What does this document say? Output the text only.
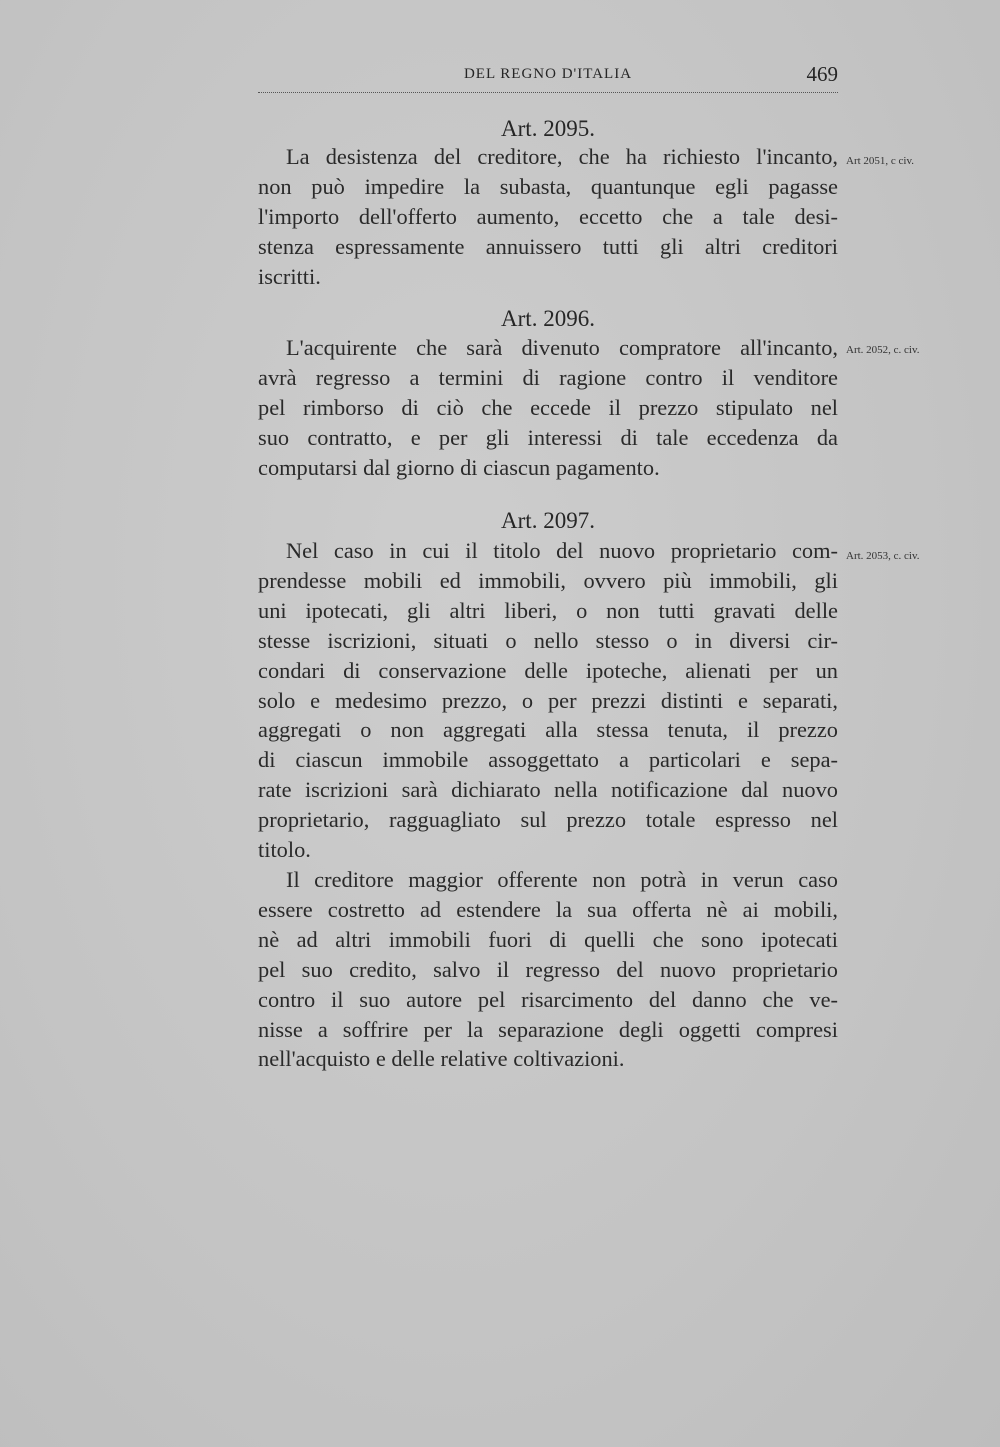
DEL REGNO D'ITALIA	469
Art. 2095.
Art 2051, c civ.
La desistenza del creditore, che ha richiesto l'incanto,
non può impedire la subasta, quantunque egli pagasse
l'importo dell'offerto aumento, eccetto che a tale desi-
stenza espressamente annuissero tutti gli altri creditori
iscritti.
Art. 2096.
Art. 2052, c. civ.
L'acquirente che sarà divenuto compratore all'incanto,
avrà regresso a termini di ragione contro il venditore
pel rimborso di ciò che eccede il prezzo stipulato nel
suo contratto, e per gli interessi di tale eccedenza da
computarsi dal giorno di ciascun pagamento.
Art. 2097.
Art. 2053, c. civ.
Nel caso in cui il titolo del nuovo proprietario com-
prendesse mobili ed immobili, ovvero più immobili, gli
uni ipotecati, gli altri liberi, o non tutti gravati delle
stesse iscrizioni, situati o nello stesso o in diversi cir-
condari di conservazione delle ipoteche, alienati per un
solo e medesimo prezzo, o per prezzi distinti e separati,
aggregati o non aggregati alla stessa tenuta, il prezzo
di ciascun immobile assoggettato a particolari e sepa-
rate iscrizioni sarà dichiarato nella notificazione dal nuovo
proprietario, ragguagliato sul prezzo totale espresso nel
titolo.
Il creditore maggior offerente non potrà in verun caso
essere costretto ad estendere la sua offerta nè ai mobili,
nè ad altri immobili fuori di quelli che sono ipotecati
pel suo credito, salvo il regresso del nuovo proprietario
contro il suo autore pel risarcimento del danno che ve-
nisse a soffrire per la separazione degli oggetti compresi
nell'acquisto e delle relative coltivazioni.
